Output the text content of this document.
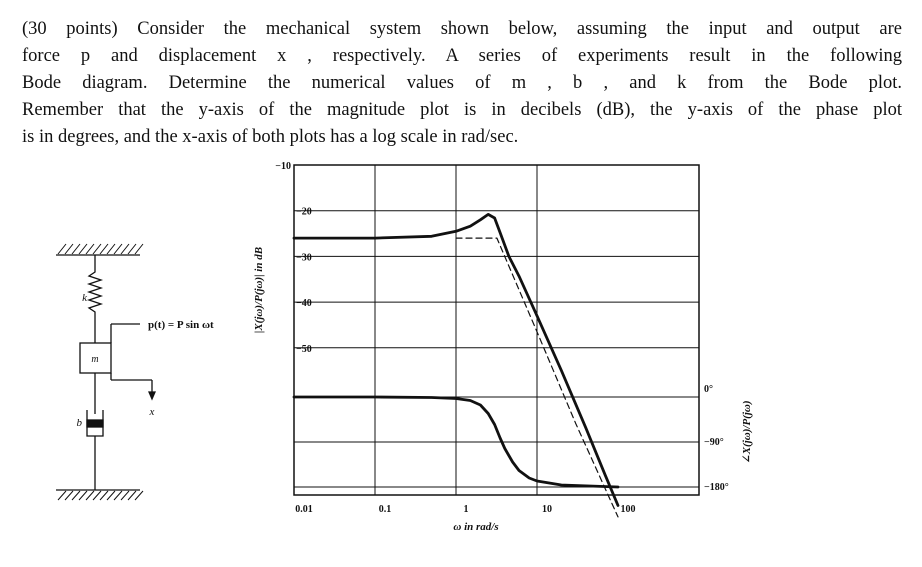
(30 points) Consider the mechanical system shown below, assuming the input and output are
force p and displacement x , respectively. A series of experiments result in the following
Bode diagram. Determine the numerical values of m , b , and k from the Bode plot.
Remember that the y-axis of the magnitude plot is in decibels (dB), the y-axis of the phase plot
is in degrees, and the x-axis of both plots has a log scale in rad/sec.
k
m
b
p(t) = P sin ωt
x
−10
−20
−30
−40
−50
0°
−90°
−180°
0.01	0.1	1	10	100
|X(jω)/P(jω)| in dB
∠X(jω)/P(jω)
ω in rad/s
